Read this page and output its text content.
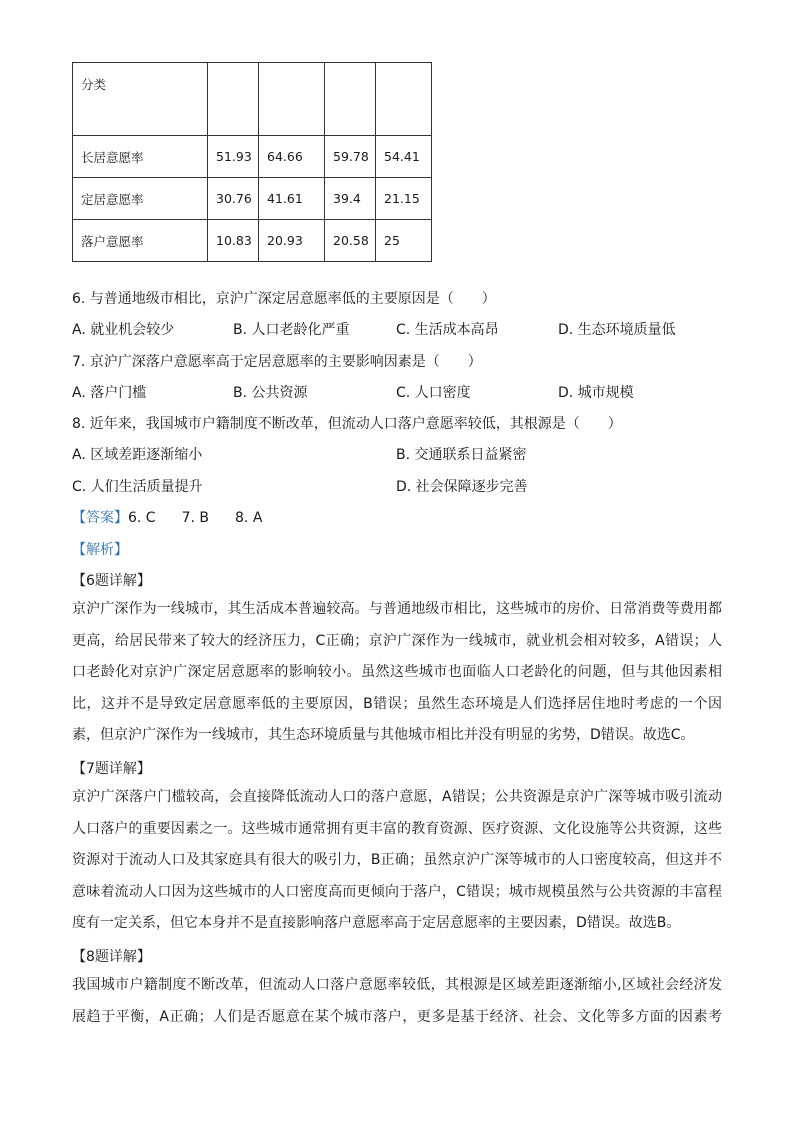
分类				
长居意愿率	51.93	64.66	59.78	54.41
定居意愿率	30.76	41.61	39.4	21.15
落户意愿率	10.83	20.93	20.58	25
6. 与普通地级市相比，京沪广深定居意愿率低的主要原因是（　　）
A. 就业机会较少	B. 人口老龄化严重	C. 生活成本高昂	D. 生态环境质量低
7. 京沪广深落户意愿率高于定居意愿率的主要影响因素是（　　）
A. 落户门槛	B. 公共资源	C. 人口密度	D. 城市规模
8. 近年来，我国城市户籍制度不断改革，但流动人口落户意愿率较低，其根源是（　　）
A. 区域差距逐渐缩小	B. 交通联系日益紧密
C. 人们生活质量提升	D. 社会保障逐步完善
【答案】6. C 7. B 8. A
【解析】
【6题详解】
京沪广深作为一线城市，其生活成本普遍较高。与普通地级市相比，这些城市的房价、日常消费等费用都
更高，给居民带来了较大的经济压力，C正确；京沪广深作为一线城市，就业机会相对较多，A错误；人
口老龄化对京沪广深定居意愿率的影响较小。虽然这些城市也面临人口老龄化的问题，但与其他因素相
比，这并不是导致定居意愿率低的主要原因，B错误；虽然生态环境是人们选择居住地时考虑的一个因
素，但京沪广深作为一线城市，其生态环境质量与其他城市相比并没有明显的劣势，D错误。故选C。
【7题详解】
京沪广深落户门槛较高，会直接降低流动人口的落户意愿，A错误；公共资源是京沪广深等城市吸引流动
人口落户的重要因素之一。这些城市通常拥有更丰富的教育资源、医疗资源、文化设施等公共资源，这些
资源对于流动人口及其家庭具有很大的吸引力，B正确；虽然京沪广深等城市的人口密度较高，但这并不
意味着流动人口因为这些城市的人口密度高而更倾向于落户，C错误；城市规模虽然与公共资源的丰富程
度有一定关系，但它本身并不是直接影响落户意愿率高于定居意愿率的主要因素，D错误。故选B。
【8题详解】
我国城市户籍制度不断改革，但流动人口落户意愿率较低，其根源是区域差距逐渐缩小,区域社会经济发
展趋于平衡，A正确；人们是否愿意在某个城市落户，更多是基于经济、社会、文化等多方面的因素考
